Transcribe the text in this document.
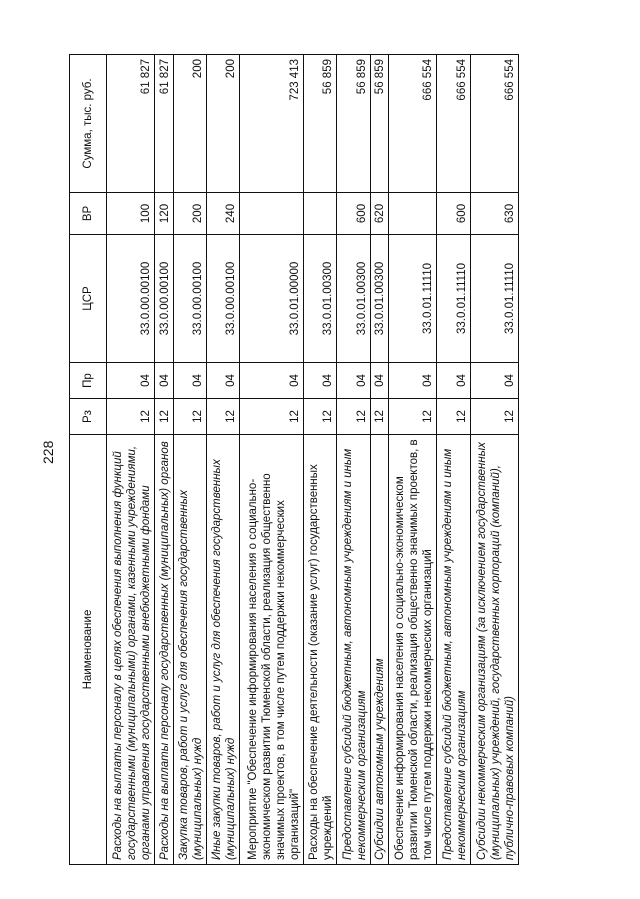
228
Наименование	Рз	Пр	ЦСР	ВР	Сумма, тыс. руб.
Расходы на выплаты персоналу в целях обеспечения выполнения функций государственными (муниципальными) органами, казенными учреждениями, органами управления государственными внебюджетными фондами	12	04	33.0.00.00100	100	61 827
Расходы на выплаты персоналу государственных (муниципальных) органов	12	04	33.0.00.00100	120	61 827
Закупка товаров, работ и услуг для обеспечения государственных (муниципальных) нужд	12	04	33.0.00.00100	200	200
Иные закупки товаров, работ и услуг для обеспечения государственных (муниципальных) нужд	12	04	33.0.00.00100	240	200
Мероприятие "Обеспечение информирования населения о социально-экономическом развитии Тюменской области, реализация общественно значимых проектов, в том числе путем поддержки некоммерческих организаций"	12	04	33.0.01.00000		723 413
Расходы на обеспечение деятельности (оказание услуг) государственных учреждений	12	04	33.0.01.00300		56 859
Предоставление субсидий бюджетным, автономным учреждениям и иным некоммерческим организациям	12	04	33.0.01.00300	600	56 859
Субсидии автономным учреждениям	12	04	33.0.01.00300	620	56 859
Обеспечение информирования населения о социально-экономическом развитии Тюменской области, реализация общественно значимых проектов, в том числе путем поддержки некоммерческих организаций	12	04	33.0.01.11110		666 554
Предоставление субсидий бюджетным, автономным учреждениям и иным некоммерческим организациям	12	04	33.0.01.11110	600	666 554
Субсидии некоммерческим организациям (за исключением государственных (муниципальных) учреждений, государственных корпораций (компаний), публично-правовых компаний)	12	04	33.0.01.11110	630	666 554
